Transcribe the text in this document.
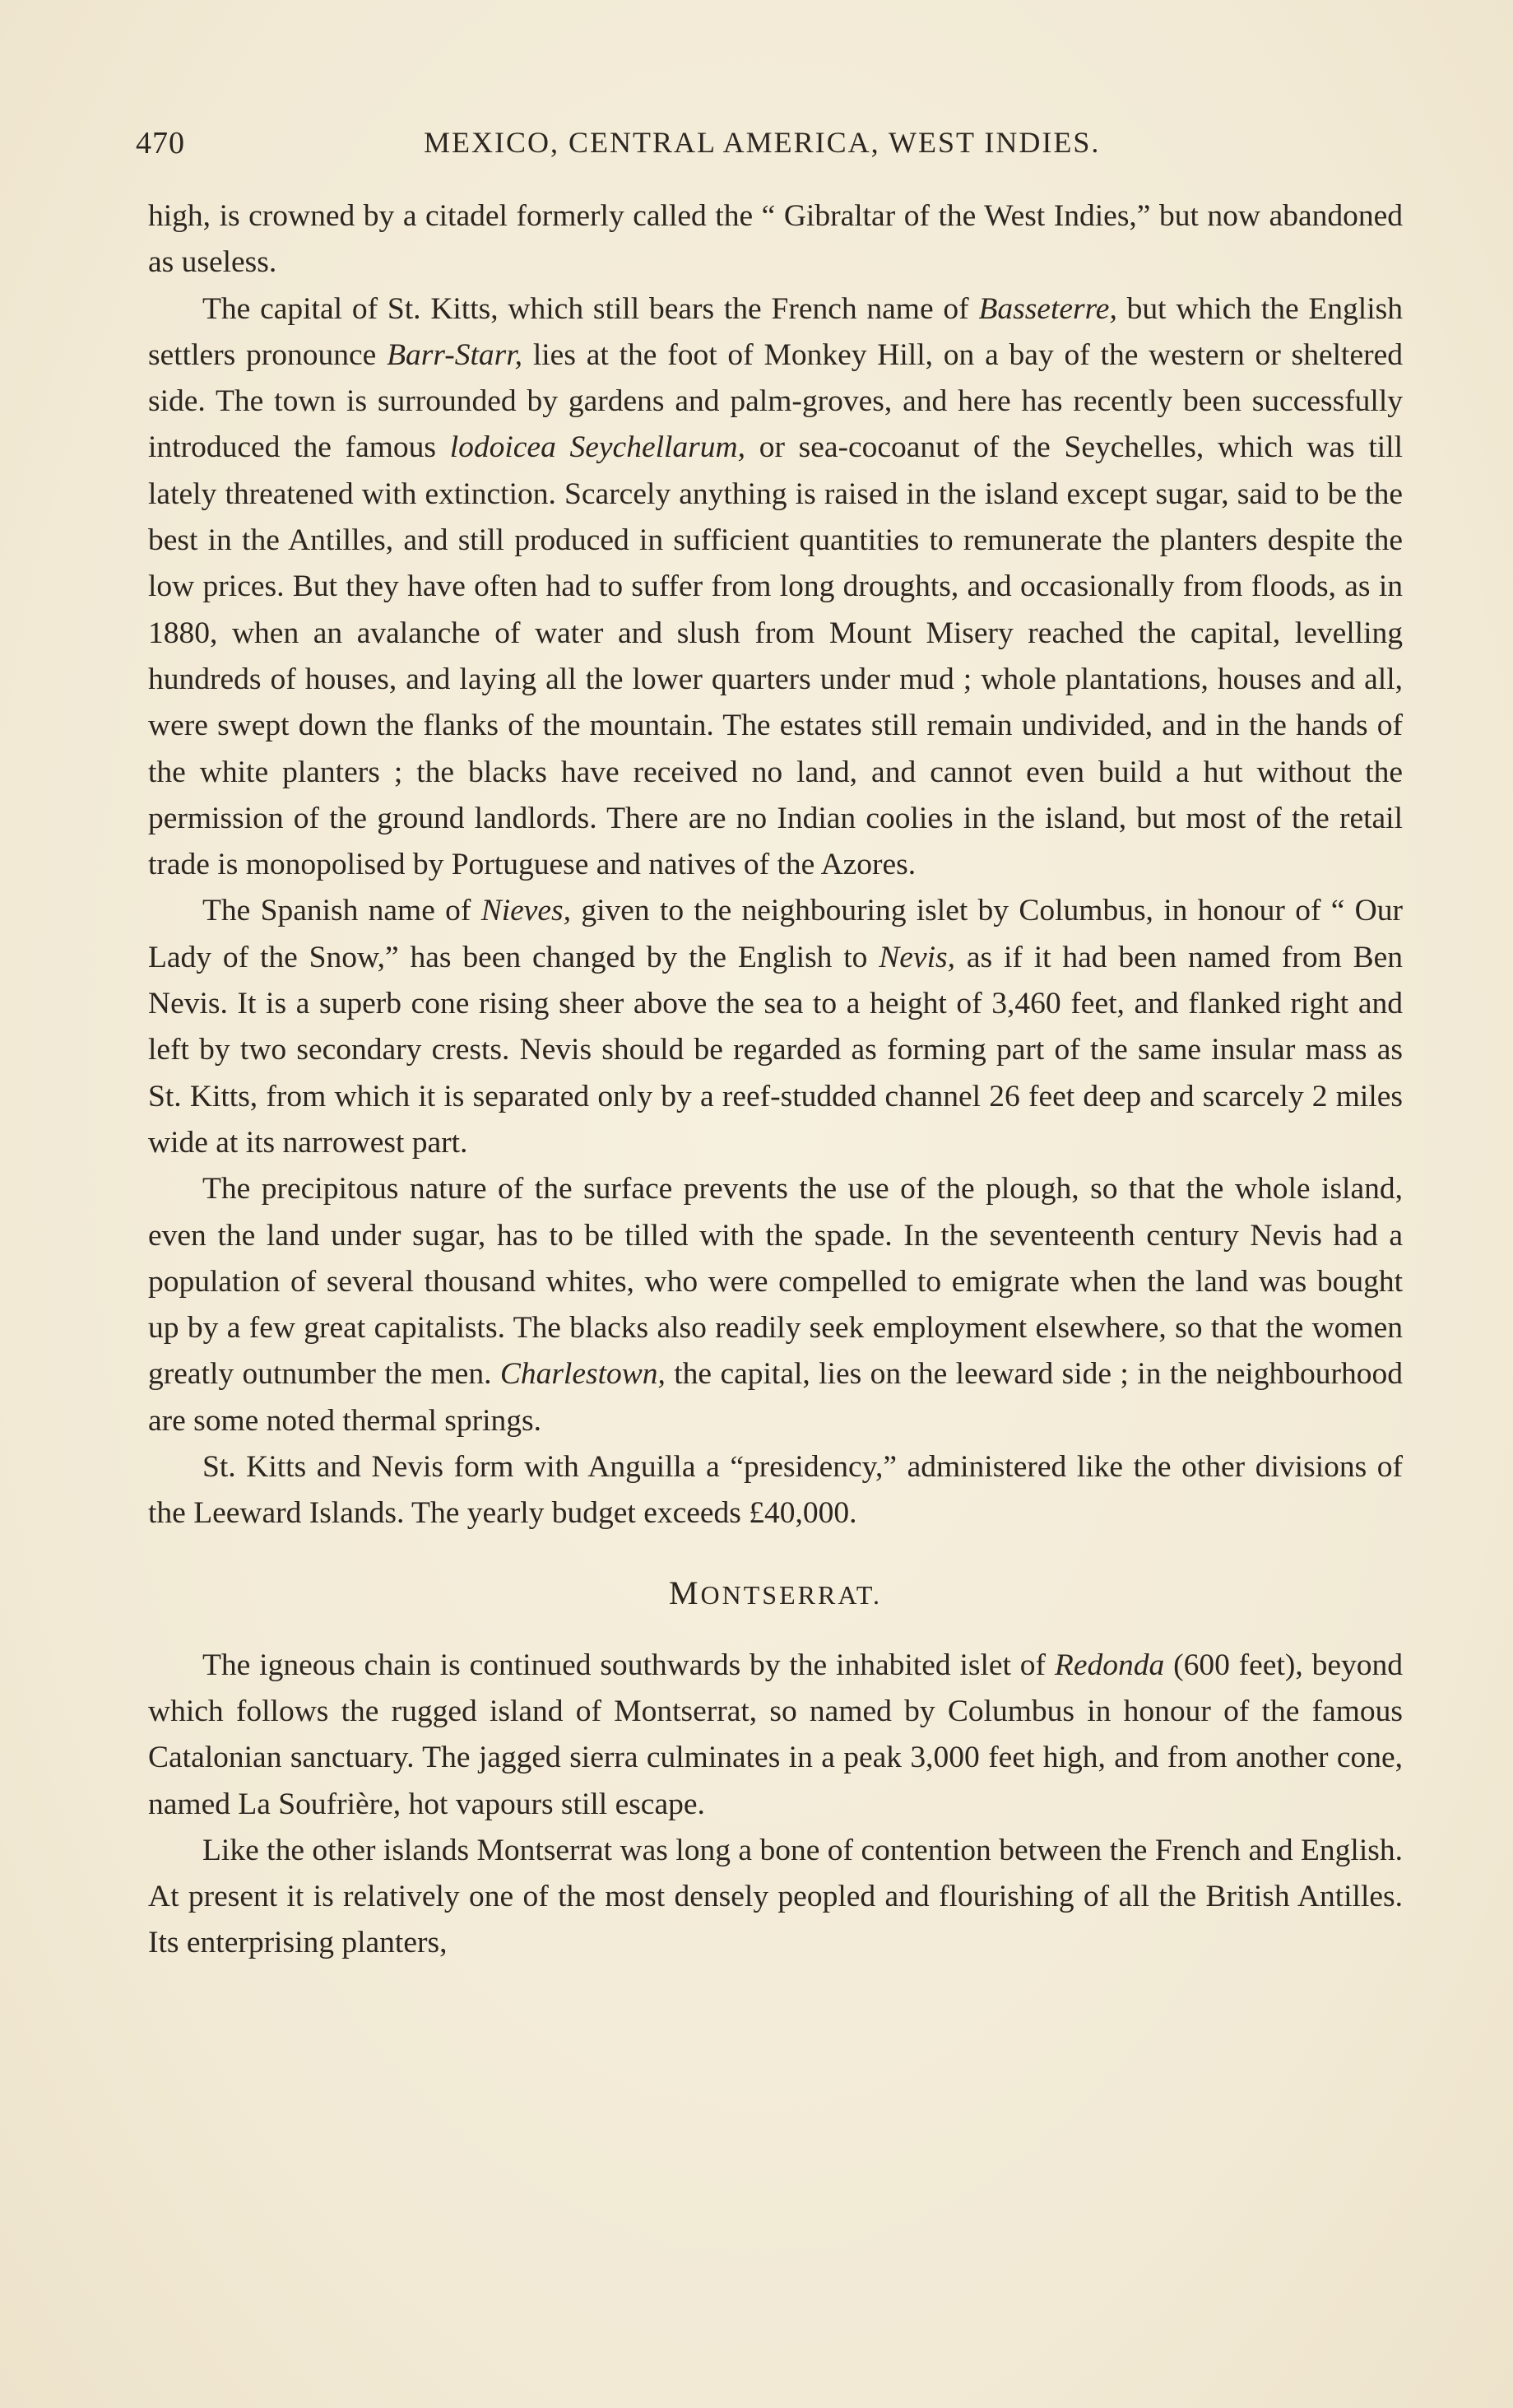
470	MEXICO, CENTRAL AMERICA, WEST INDIES.

high, is crowned by a citadel formerly called the “ Gibraltar of the West Indies,” but now abandoned as useless.

The capital of St. Kitts, which still bears the French name of Basseterre, but which the English settlers pronounce Barr-Starr, lies at the foot of Monkey Hill, on a bay of the western or sheltered side. The town is surrounded by gardens and palm-groves, and here has recently been successfully introduced the famous lodoicea Seychellarum, or sea-cocoanut of the Seychelles, which was till lately threatened with extinction. Scarcely anything is raised in the island except sugar, said to be the best in the Antilles, and still produced in sufficient quantities to remunerate the planters despite the low prices. But they have often had to suffer from long droughts, and occasionally from floods, as in 1880, when an avalanche of water and slush from Mount Misery reached the capital, levelling hundreds of houses, and laying all the lower quarters under mud ; whole plantations, houses and all, were swept down the flanks of the mountain. The estates still remain undivided, and in the hands of the white planters ; the blacks have received no land, and cannot even build a hut without the permission of the ground landlords. There are no Indian coolies in the island, but most of the retail trade is monopolised by Portuguese and natives of the Azores.

The Spanish name of Nieves, given to the neighbouring islet by Columbus, in honour of “ Our Lady of the Snow,” has been changed by the English to Nevis, as if it had been named from Ben Nevis. It is a superb cone rising sheer above the sea to a height of 3,460 feet, and flanked right and left by two secondary crests. Nevis should be regarded as forming part of the same insular mass as St. Kitts, from which it is separated only by a reef-studded channel 26 feet deep and scarcely 2 miles wide at its narrowest part.

The precipitous nature of the surface prevents the use of the plough, so that the whole island, even the land under sugar, has to be tilled with the spade. In the seventeenth century Nevis had a population of several thousand whites, who were compelled to emigrate when the land was bought up by a few great capitalists. The blacks also readily seek employment elsewhere, so that the women greatly outnumber the men. Charlestown, the capital, lies on the leeward side ; in the neighbourhood are some noted thermal springs.

St. Kitts and Nevis form with Anguilla a “presidency,” administered like the other divisions of the Leeward Islands. The yearly budget exceeds £40,000.

MONTSERRAT.

The igneous chain is continued southwards by the inhabited islet of Redonda (600 feet), beyond which follows the rugged island of Montserrat, so named by Columbus in honour of the famous Catalonian sanctuary. The jagged sierra culminates in a peak 3,000 feet high, and from another cone, named La Soufrière, hot vapours still escape.

Like the other islands Montserrat was long a bone of contention between the French and English. At present it is relatively one of the most densely peopled and flourishing of all the British Antilles. Its enterprising planters,
